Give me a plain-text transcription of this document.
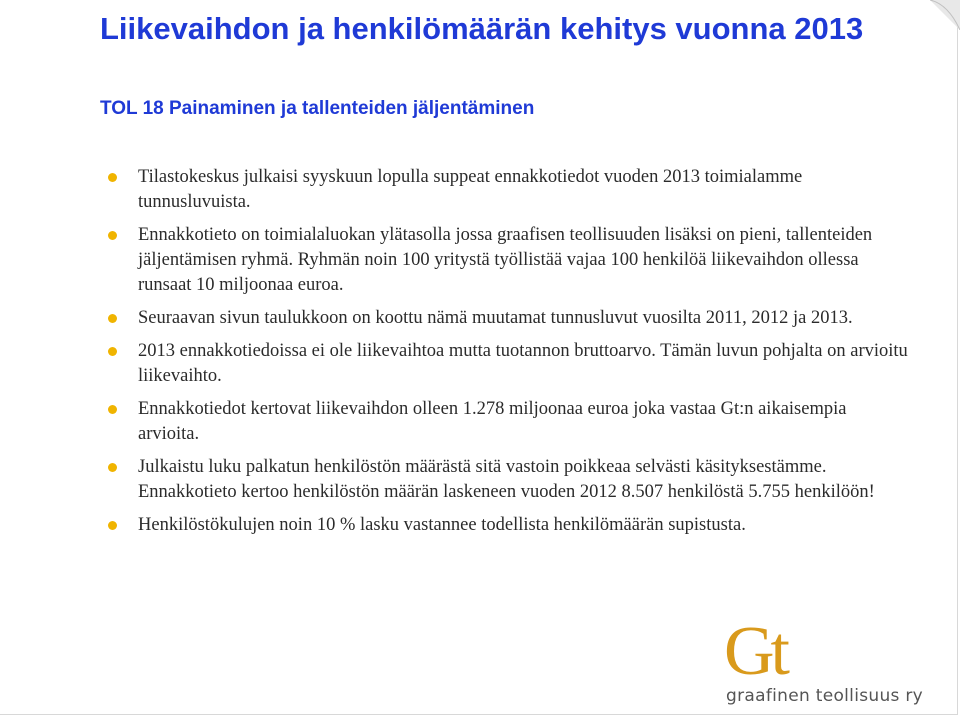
Liikevaihdon ja henkilömäärän kehitys vuonna 2013
TOL 18 Painaminen ja tallenteiden jäljentäminen
Tilastokeskus julkaisi syyskuun lopulla suppeat ennakkotiedot vuoden 2013 toimialamme tunnusluvuista.
Ennakkotieto on toimialaluokan ylätasolla jossa graafisen teollisuuden lisäksi on pieni, tallenteiden jäljentämisen ryhmä. Ryhmän noin 100 yritystä työllistää vajaa 100 henkilöä liikevaihdon ollessa runsaat 10 miljoonaa euroa.
Seuraavan sivun taulukkoon on koottu nämä muutamat tunnusluvut vuosilta 2011, 2012 ja 2013.
2013 ennakkotiedoissa ei ole liikevaihtoa mutta tuotannon bruttoarvo. Tämän luvun pohjalta on arvioitu liikevaihto.
Ennakkotiedot kertovat liikevaihdon olleen 1.278 miljoonaa euroa joka vastaa Gt:n aikaisempia arvioita.
Julkaistu luku palkatun henkilöstön määrästä sitä vastoin poikkeaa selvästi käsityksestämme. Ennakkotieto kertoo henkilöstön määrän laskeneen vuoden 2012 8.507 henkilöstä 5.755 henkilöön!
Henkilöstökulujen noin 10 % lasku vastannee todellista henkilömäärän supistusta.
Gt
graafinen teollisuus ry
